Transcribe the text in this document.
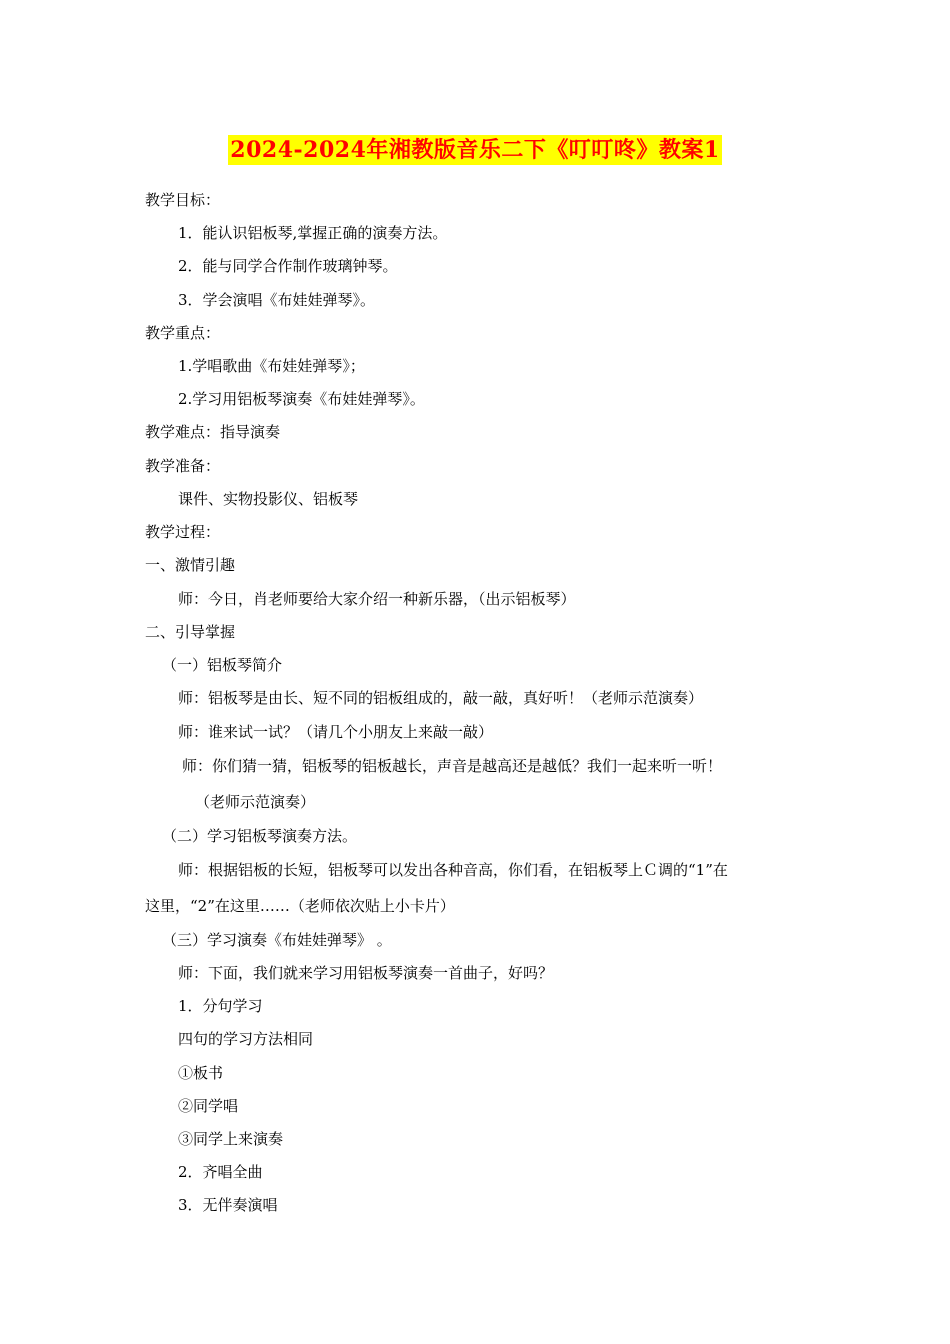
2024-2024年湘教版音乐二下《叮叮咚》教案1
教学目标：
1．能认识铝板琴,掌握正确的演奏方法。
2．能与同学合作制作玻璃钟琴。
3．学会演唱《布娃娃弹琴》。
教学重点：
1.学唱歌曲《布娃娃弹琴》；
2.学习用铝板琴演奏《布娃娃弹琴》。
教学难点：指导演奏
教学准备：
课件、实物投影仪、铝板琴
教学过程：
一、激情引趣
师：今日，肖老师要给大家介绍一种新乐器，（出示铝板琴）
二、引导掌握
（一）铝板琴简介
师：铝板琴是由长、短不同的铝板组成的，敲一敲，真好听！（老师示范演奏）
师：谁来试一试？（请几个小朋友上来敲一敲）
师：你们猜一猜，铝板琴的铝板越长，声音是越高还是越低？我们一起来听一听！
（老师示范演奏）
（二）学习铝板琴演奏方法。
师：根据铝板的长短，铝板琴可以发出各种音高，你们看，在铝板琴上Ｃ调的“1”在
这里，“2”在这里……（老师依次贴上小卡片）
（三）学习演奏《布娃娃弹琴》 。
师：下面，我们就来学习用铝板琴演奏一首曲子，好吗？
1．分句学习
四句的学习方法相同
①板书
②同学唱
③同学上来演奏
2．齐唱全曲
3．无伴奏演唱
